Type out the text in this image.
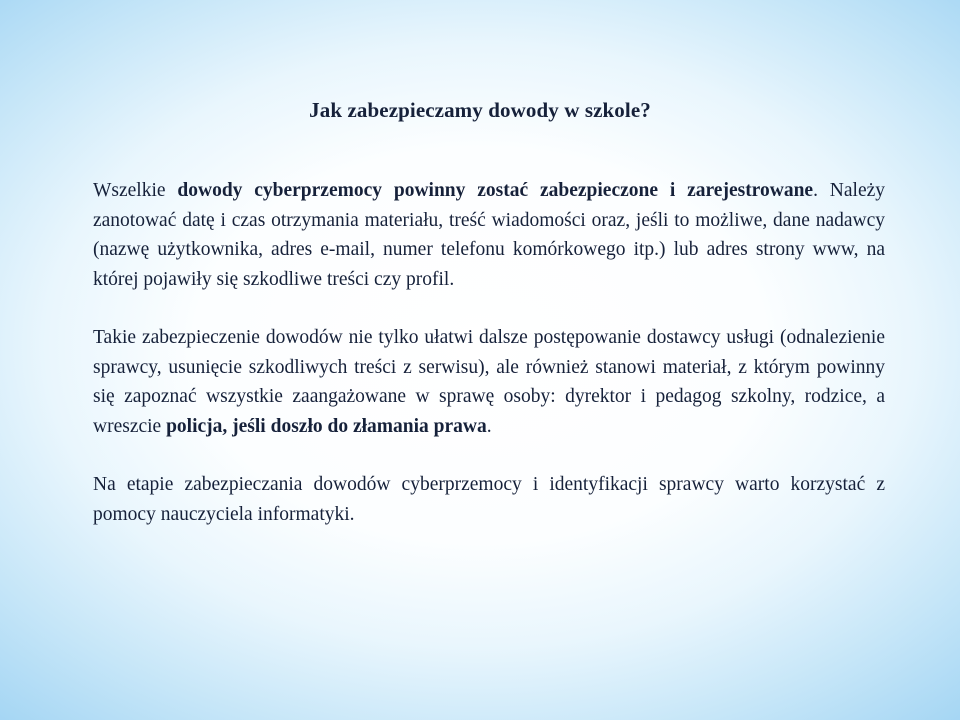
Jak zabezpieczamy dowody w szkole?

Wszelkie dowody cyberprzemocy powinny zostać zabezpieczone i zarejestrowane. Należy zanotować datę i czas otrzymania materiału, treść wiadomości oraz, jeśli to możliwe, dane nadawcy (nazwę użytkownika, adres e-mail, numer telefonu komórkowego itp.) lub adres strony www, na której pojawiły się szkodliwe treści czy profil.

Takie zabezpieczenie dowodów nie tylko ułatwi dalsze postępowanie dostawcy usługi (odnalezienie sprawcy, usunięcie szkodliwych treści z serwisu), ale również stanowi materiał, z którym powinny się zapoznać wszystkie zaangażowane w sprawę osoby: dyrektor i pedagog szkolny, rodzice, a wreszcie policja, jeśli doszło do złamania prawa.

Na etapie zabezpieczania dowodów cyberprzemocy i identyfikacji sprawcy warto korzystać z pomocy nauczyciela informatyki.
